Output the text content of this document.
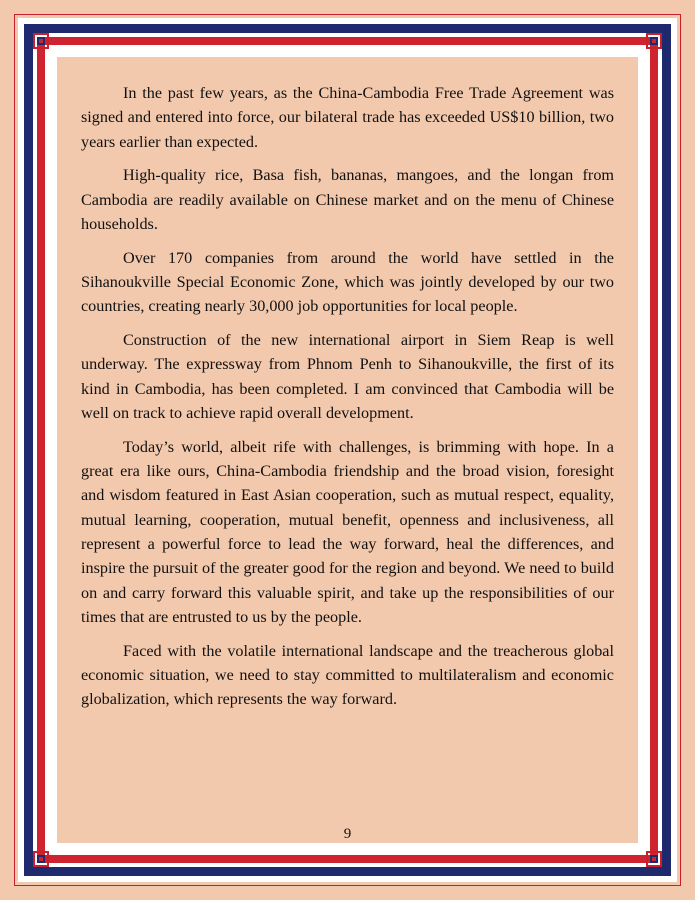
In the past few years, as the China-Cambodia Free Trade Agreement was signed and entered into force, our bilateral trade has exceeded US$10 billion, two years earlier than expected.

High-quality rice, Basa fish, bananas, mangoes, and the longan from Cambodia are readily available on Chinese market and on the menu of Chinese households.

Over 170 companies from around the world have settled in the Sihanoukville Special Economic Zone, which was jointly developed by our two countries, creating nearly 30,000 job opportunities for local people.

Construction of the new international airport in Siem Reap is well underway. The expressway from Phnom Penh to Sihanoukville, the first of its kind in Cambodia, has been completed. I am convinced that Cambodia will be well on track to achieve rapid overall development.

Today’s world, albeit rife with challenges, is brimming with hope. In a great era like ours, China-Cambodia friendship and the broad vision, foresight and wisdom featured in East Asian cooperation, such as mutual respect, equality, mutual learning, cooperation, mutual benefit, openness and inclusiveness, all represent a powerful force to lead the way forward, heal the differences, and inspire the pursuit of the greater good for the region and beyond. We need to build on and carry forward this valuable spirit, and take up the responsibilities of our times that are entrusted to us by the people.

Faced with the volatile international landscape and the treacherous global economic situation, we need to stay committed to multilateralism and economic globalization, which represents the way forward.

9
